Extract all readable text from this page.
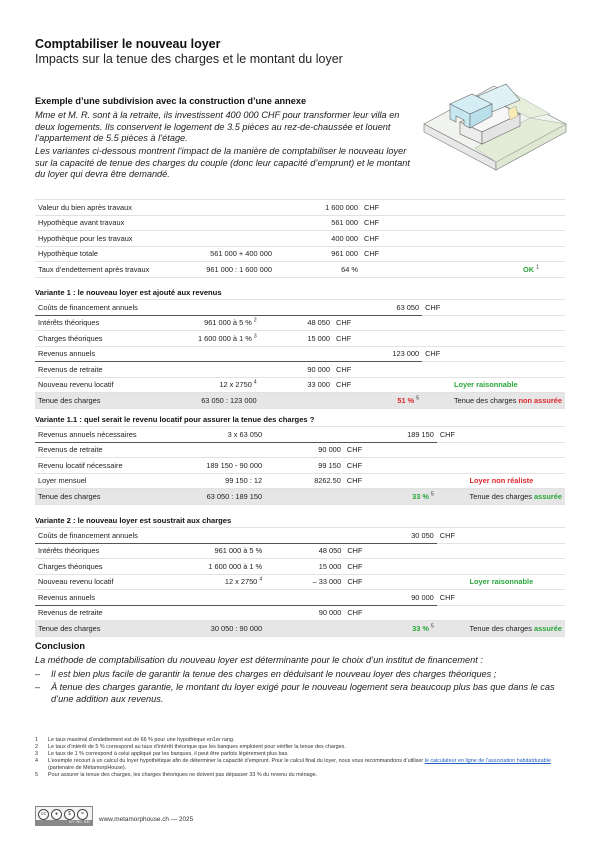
Comptabiliser le nouveau loyer
Impacts sur la tenue des charges et le montant du loyer
Exemple d’une subdivision avec la construction d’une annexe
Mme et M. R. sont à la retraite, ils investissent 400 000 CHF pour transformer leur villa en deux logements. Ils conservent le logement de 3.5 pièces au rez-de-chaussée et louent l’appartement de 5.5 pièces à l’étage.
Les variantes ci-dessous montrent l’impact de la manière de comptabiliser le nouveau loyer sur la capacité de tenue des charges du couple (donc leur capacité d’emprunt) et le montant du loyer qui devra être demandé.
Valeur du bien après travaux		1 600 000	CHF			
Hypothèque avant travaux		561 000	CHF			
Hypothèque pour les travaux		400 000	CHF			
Hypothèque totale	561 000 + 400 000	961 000	CHF			
Taux d’endettement après travaux	961 000 : 1 600 000	64 %				OK $^1$
Variante 1 : le nouveau loyer est ajouté aux revenus
Coûts de financement annuels				63 050	CHF	
Intérêts théoriques	961 000 à 5 % $^2$	48 050	CHF			
Charges théoriques	1 600 000 à 1 % $^3$	15 000	CHF			
Revenus annuels				123 000	CHF	
Revenus de retraite		90 000	CHF			
Nouveau revenu locatif	12 x 2750 $^4$	33 000	CHF			Loyer raisonnable
Tenue des charges	63 050 : 123 000			51 % $^5$		Tenue des charges non assurée
Variante 1.1 : quel serait le revenu locatif pour assurer la tenue des charges ?
Revenus annuels nécessaires	3 x 63 050			189 150	CHF	
Revenus de retraite		90 000	CHF			
Revenu locatif nécessaire	189 150 - 90 000	99 150	CHF			
Loyer mensuel	99 150 : 12	8262.50	CHF			Loyer non réaliste
Tenue des charges	63 050 : 189 150			33 % $^5$		Tenue des charges assurée
Variante 2 : le nouveau loyer est soustrait aux charges
Coûts de financement annuels				30 050	CHF	
Intérêts théoriques	961 000 à 5 %	48 050	CHF			
Charges théoriques	1 600 000 à 1 %	15 000	CHF			
Nouveau revenu locatif	12 x 2750 $^4$	– 33 000	CHF			Loyer raisonnable
Revenus annuels				90 000	CHF	
Revenus de retraite		90 000	CHF			
Tenue des charges	30 050 : 90 000			33 % $^5$		Tenue des charges assurée
Conclusion
La méthode de comptabilisation du nouveau loyer est déterminante pour le choix d’un institut de financement :
– Il est bien plus facile de garantir la tenue des charges en déduisant le nouveau loyer des charges théoriques ;
– À tenue des charges garantie, le montant du loyer exigé pour le nouveau logement sera beaucoup plus bas que dans le cas d’une addition aux revenus.
1 Le taux maximal d’endettement est de 66 % pour une hypothèque en1er rang.
2 Le taux d’intérêt de 5 % correspond au taux d’intérêt théorique que les banques emploient pour vérifier la tenue des charges.
3 Le taux de 1 % correspond à celui appliqué par les banques, il peut être parfois légèrement plus bas.
4 L’exemple recourt à un calcul du loyer hypothétique afin de déterminer la capacité d’emprunt. Pour le calcul final du loyer, nous vous recommandons d’utiliser le calculateur en ligne de l’association habitatdurable (partenaire de MétamorpHouse).
5 Pour assurer la tenue des charges, les charges théoriques ne doivent pas dépasser 33 % du revenu du ménage.
cc	●	$	=
BY NC ND	www.metamorphouse.ch — 2025
